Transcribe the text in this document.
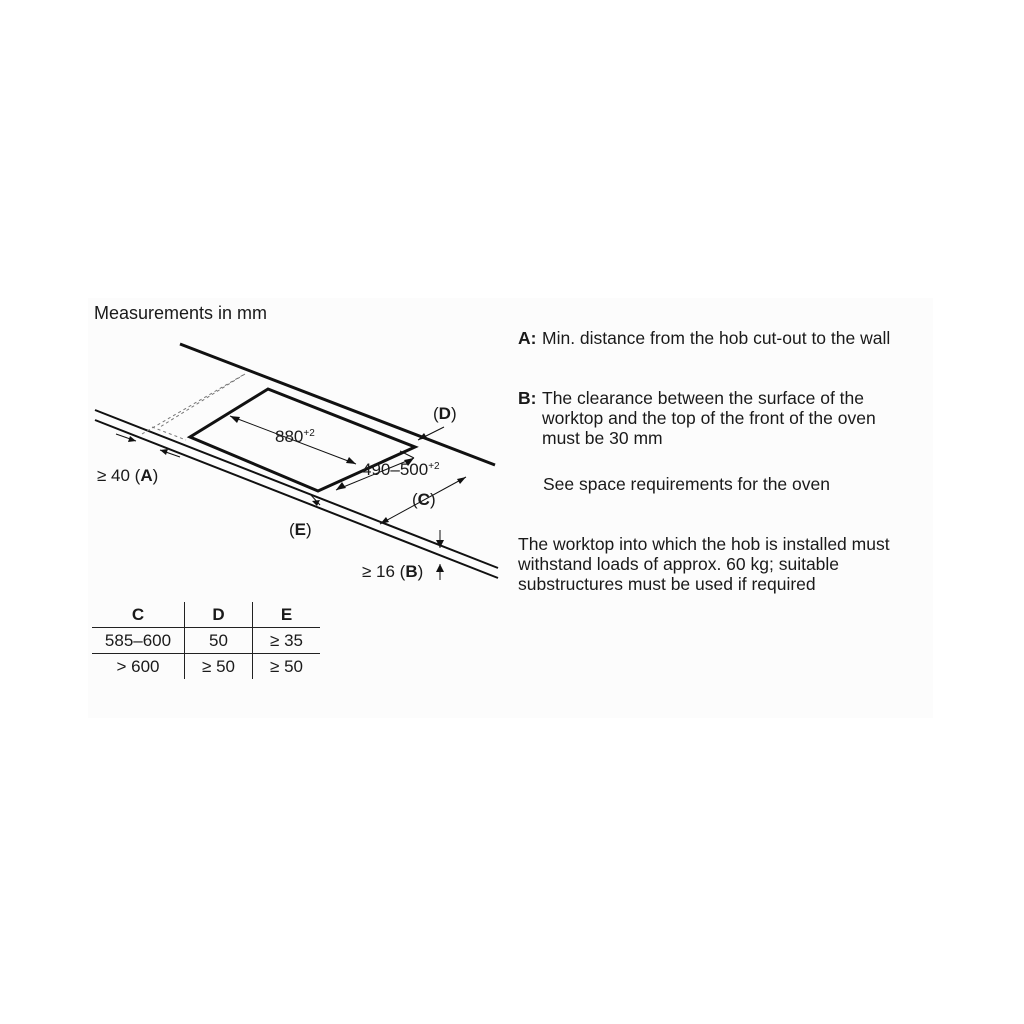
Measurements in mm
$880^{+2}$
$490-500^{+2}$
(D)
(C)
(E)
≥ 40 (A)
≥ 16 (B)
C	D	E
585–600	50	≥ 35
> 600	≥ 50	≥ 50
A: Min. distance from the hob cut-out to the wall
B: The clearance between the surface of the worktop and the top of the front of the oven must be 30 mm
See space requirements for the oven
The worktop into which the hob is installed must withstand loads of approx. 60 kg; suitable substructures must be used if required
